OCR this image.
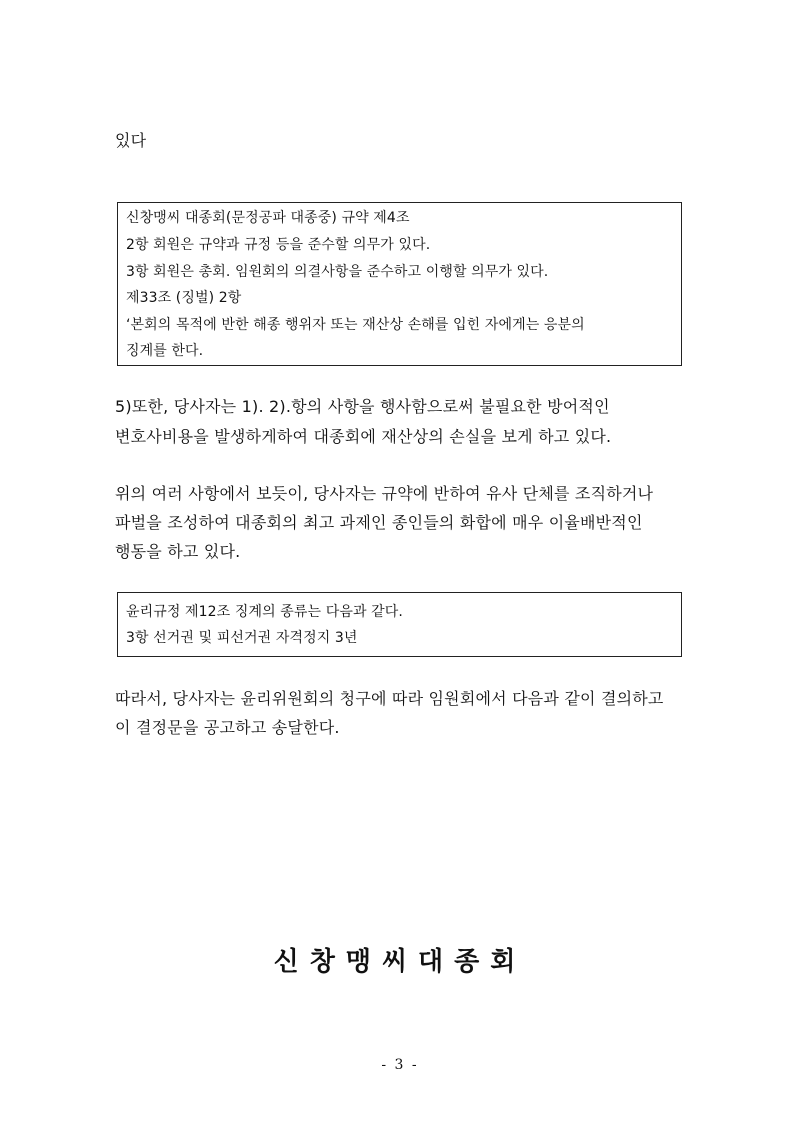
있다
신창맹씨 대종회(문정공파 대종중) 규약 제4조
2항 회원은 규약과 규정 등을 준수할 의무가 있다.
3항 회원은 총회. 임원회의 의결사항을 준수하고 이행할 의무가 있다.
제33조 (징벌) 2항
‘본회의 목적에 반한 해종 행위자 또는 재산상 손해를 입힌 자에게는 응분의
징계를 한다.
5)또한, 당사자는 1). 2).항의 사항을 행사함으로써 불필요한 방어적인
변호사비용을 발생하게하여 대종회에 재산상의 손실을 보게 하고 있다.
위의 여러 사항에서 보듯이, 당사자는 규약에 반하여 유사 단체를 조직하거나
파벌을 조성하여 대종회의 최고 과제인 종인들의 화합에 매우 이율배반적인
행동을 하고 있다.
윤리규정 제12조 징계의 종류는 다음과 같다.
3항 선거권 및 피선거권 자격정지 3년
따라서, 당사자는 윤리위원회의 청구에 따라 임원회에서 다음과 같이 결의하고
이 결정문을 공고하고 송달한다.
신창맹씨대종회
- 3 -
